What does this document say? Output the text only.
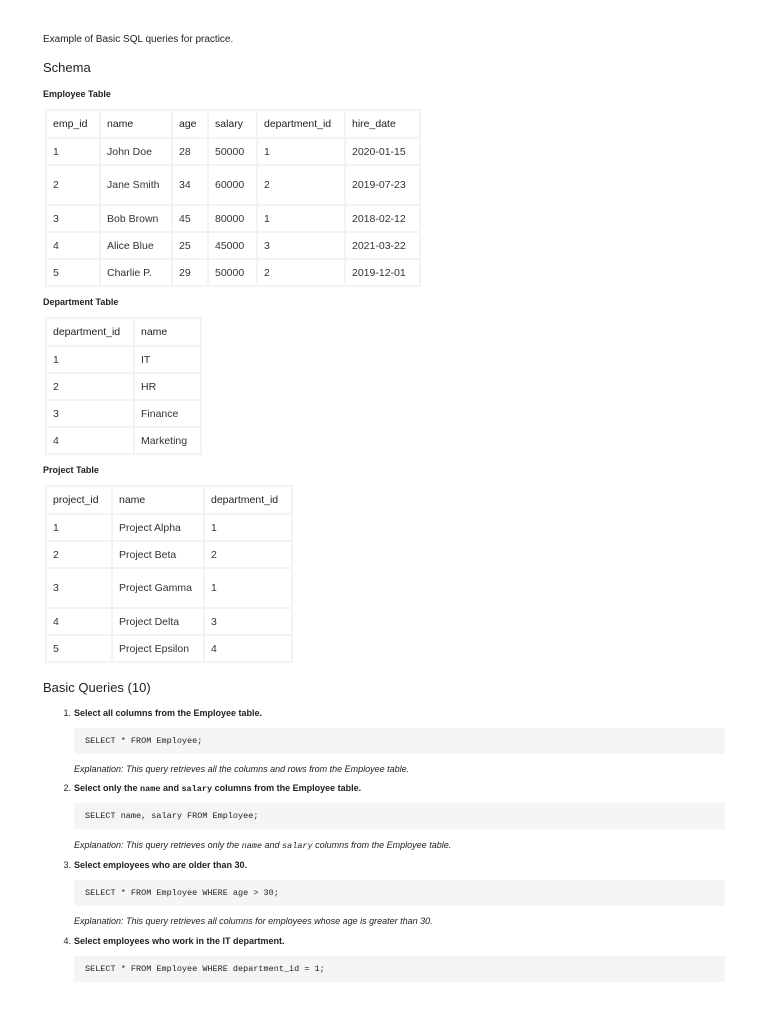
Example of Basic SQL queries for practice.

Schema

Employee Table

emp_id	name	age	salary	department_id	hire_date
1	John Doe	28	50000	1	2020-01-15
2	Jane Smith	34	60000	2	2019-07-23
3	Bob Brown	45	80000	1	2018-02-12
4	Alice Blue	25	45000	3	2021-03-22
5	Charlie P.	29	50000	2	2019-12-01

Department Table

department_id	name
1	IT
2	HR
3	Finance
4	Marketing

Project Table

project_id	name	department_id
1	Project Alpha	1
2	Project Beta	2
3	Project Gamma	1
4	Project Delta	3
5	Project Epsilon	4
Basic Queries (10)
1. Select all columns from the Employee table.
SELECT * FROM Employee;
Explanation: This query retrieves all the columns and rows from the Employee table.
2. Select only the name and salary columns from the Employee table.
SELECT name, salary FROM Employee;
Explanation: This query retrieves only the name and salary columns from the Employee table.
3. Select employees who are older than 30.
SELECT * FROM Employee WHERE age > 30;
Explanation: This query retrieves all columns for employees whose age is greater than 30.
4. Select employees who work in the IT department.
SELECT * FROM Employee WHERE department_id = 1;
